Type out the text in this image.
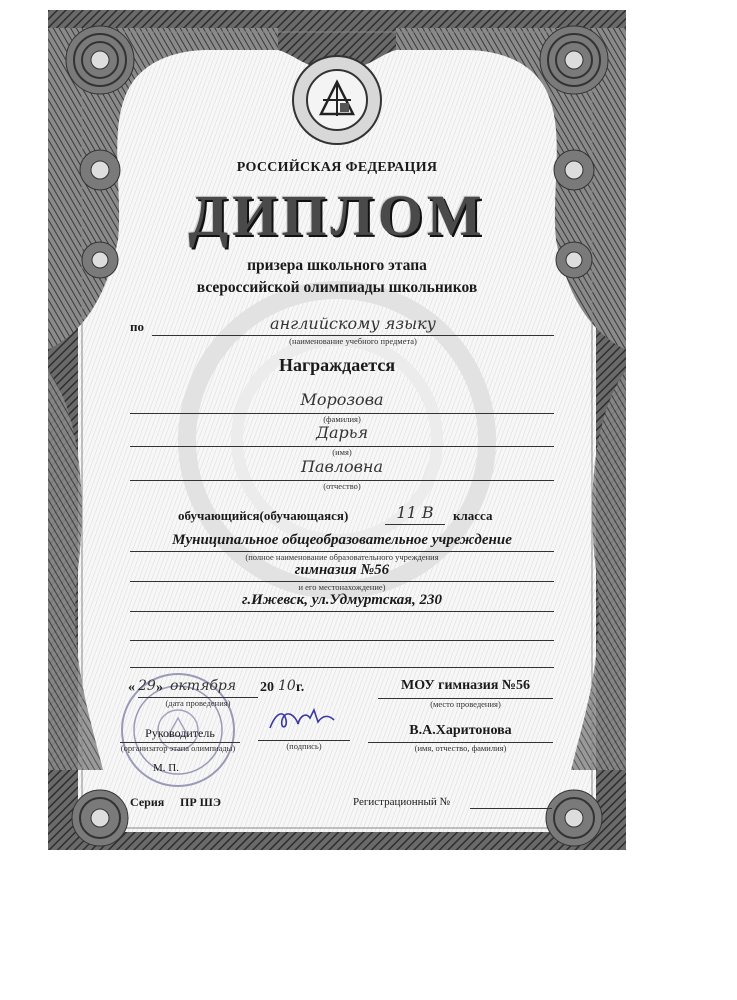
РОССИЙСКАЯ ФЕДЕРАЦИЯ
ДИПЛОМ
призера школьного этапа
всероссийской олимпиады школьников
по	английскому языку
(наименование учебного предмета)
Награждается
Морозова
(фамилия)
Дарья
(имя)
Павловна
(отчество)
обучающийся(обучающаяся)	11 В	класса
Муниципальное общеобразовательное учреждение
(полное наименование образовательного учреждения
гимназия №56
и его местонахождение)
г.Ижевск, ул.Удмуртская, 230
« 29 » октября 20 10 г.
(дата проведения)
МОУ гимназия №56
(место проведения)
Руководитель
(организатор этапа олимпиады)	(подпись)
В.А.Харитонова
(имя, отчество, фамилия)
М. П.
Серия ПР ШЭ	Регистрационный №
